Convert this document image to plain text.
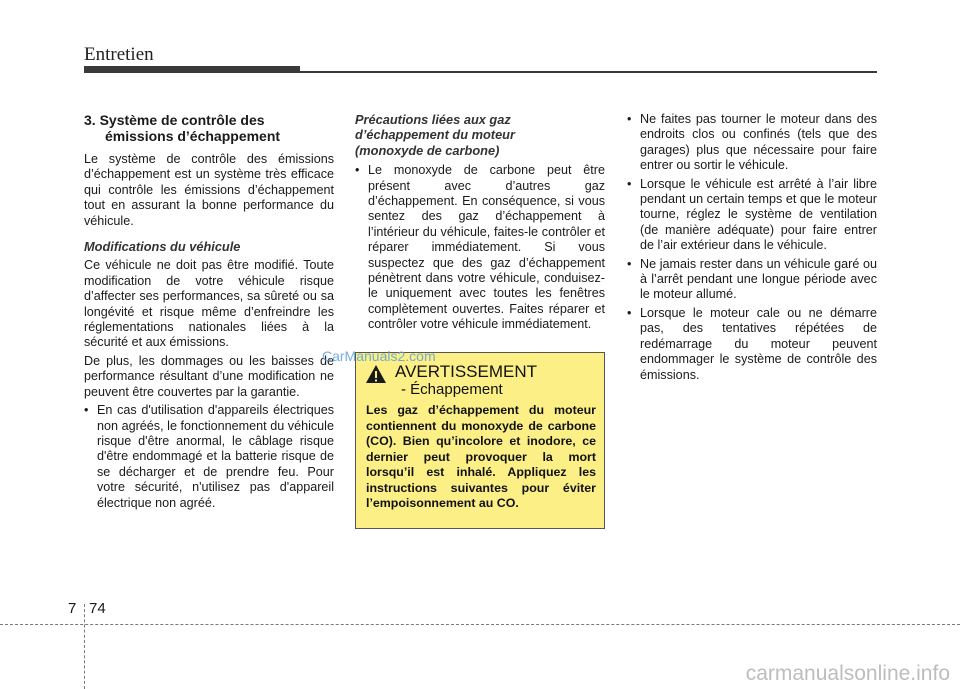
Entretien
3. Système de contrôle des
émissions d’échappement

Le système de contrôle des émissions d’échappement est un système très efficace qui contrôle les émissions d’échappement tout en assurant la bonne performance du véhicule.

Modifications du véhicule

Ce véhicule ne doit pas être modifié. Toute modification de votre véhicule risque d’affecter ses performances, sa sûreté ou sa longévité et risque même d’enfreindre les réglementations nationales liées à la sécurité et aux émissions.

De plus, les dommages ou les baisses de performance résultant d’une modification ne peuvent être couvertes par la garantie.

• En cas d'utilisation d'appareils électriques non agréés, le fonctionnement du véhicule risque d'être anormal, le câblage risque d'être endommagé et la batterie risque de se décharger et de prendre feu. Pour votre sécurité, n'utilisez pas d'appareil électrique non agréé.
Précautions liées aux gaz
d’échappement du moteur
(monoxyde de carbone)
• Le monoxyde de carbone peut être présent avec d’autres gaz d’échappement. En conséquence, si vous sentez des gaz d’échappement à l’intérieur du véhicule, faites-le contrôler et réparer immédiatement. Si vous suspectez que des gaz d’échappement pénètrent dans votre véhicule, conduisez-le uniquement avec toutes les fenêtres complètement ouvertes. Faites réparer et contrôler votre véhicule immédiatement.
AVERTISSEMENT
- Échappement
Les gaz d’échappement du moteur contiennent du monoxyde de carbone (CO). Bien qu’incolore et inodore, ce dernier peut provoquer la mort lorsqu’il est inhalé. Appliquez les instructions suivantes pour éviter l’empoisonnement au CO.
• Ne faites pas tourner le moteur dans des endroits clos ou confinés (tels que des garages) plus que nécessaire pour faire entrer ou sortir le véhicule.
• Lorsque le véhicule est arrêté à l’air libre pendant un certain temps et que le moteur tourne, réglez le système de ventilation (de manière adéquate) pour faire entrer de l’air extérieur dans le véhicule.
• Ne jamais rester dans un véhicule garé ou à l’arrêt pendant une longue période avec le moteur allumé.
• Lorsque le moteur cale ou ne démarre pas, des tentatives répétées de redémarrage du moteur peuvent endommager le système de contrôle des émissions.
CarManuals2.com
7 74
carmanualsonline.info
